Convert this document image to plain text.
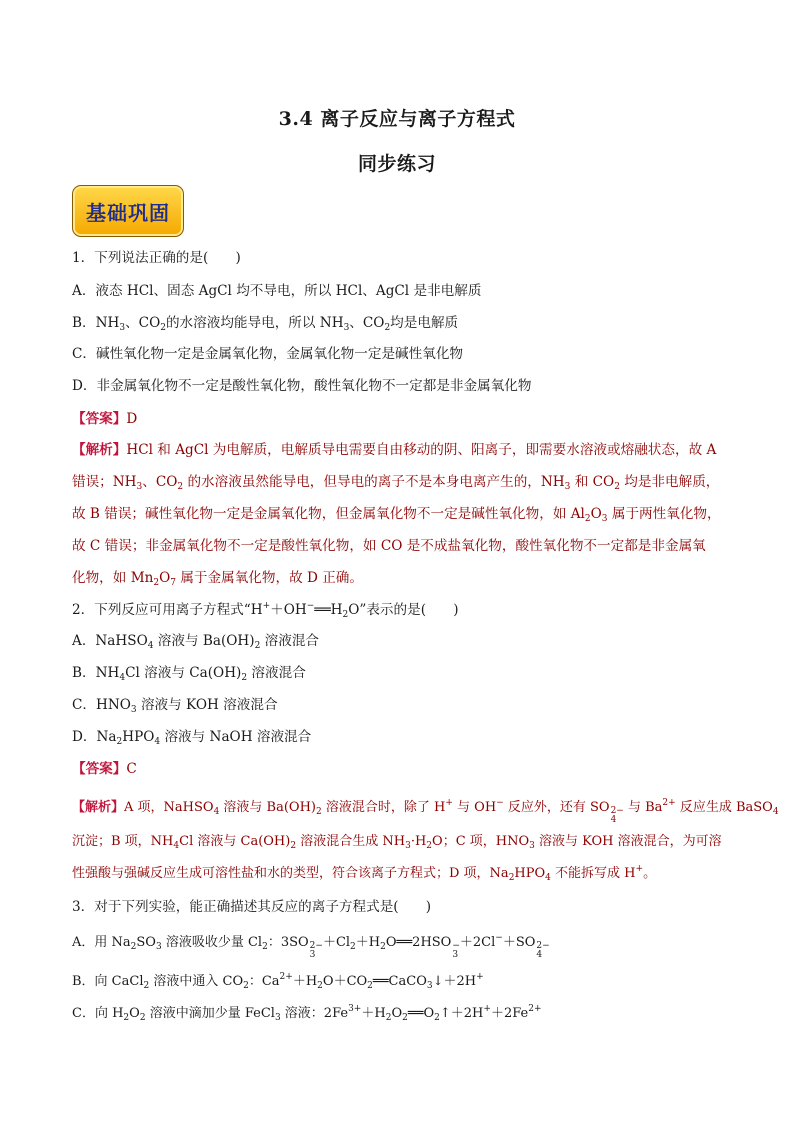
3.4 离子反应与离子方程式
同步练习
基础巩固
1．下列说法正确的是(　　)
A．液态 HCl、固态 AgCl 均不导电，所以 HCl、AgCl 是非电解质
B．$NH_3$、$CO_2$的水溶液均能导电，所以 $NH_3$、$CO_2$均是电解质
C．碱性氧化物一定是金属氧化物，金属氧化物一定是碱性氧化物
D．非金属氧化物不一定是酸性氧化物，酸性氧化物不一定都是非金属氧化物
【答案】D
【解析】HCl 和 AgCl 为电解质，电解质导电需要自由移动的阴、阳离子，即需要水溶液或熔融状态，故 A
错误；$NH_3$、$CO_2$ 的水溶液虽然能导电，但导电的离子不是本身电离产生的，$NH_3$ 和 $CO_2$ 均是非电解质，
故 B 错误；碱性氧化物一定是金属氧化物，但金属氧化物不一定是碱性氧化物，如 $Al_2O_3$ 属于两性氧化物，
故 C 错误；非金属氧化物不一定是酸性氧化物，如 CO 是不成盐氧化物，酸性氧化物不一定都是非金属氧
化物，如 $Mn_2O_7$ 属于金属氧化物，故 D 正确。
2．下列反应可用离子方程式“$H^++OH^-══H_2O$”表示的是(　　)
A．NaHSO$_4$ 溶液与 $Ba(OH)_2$ 溶液混合
B．$NH_4Cl$ 溶液与 $Ca(OH)_2$ 溶液混合
C．$HNO_3$ 溶液与 KOH 溶液混合
D．$Na_2HPO_4$ 溶液与 NaOH 溶液混合
【答案】C
【解析】A 项，NaHSO$_4$ 溶液与 $Ba(OH)_2$ 溶液混合时，除了 H+ 与 OH− 反应外，还有 SO 2−
4
与 $Ba^{2+}$ 反应生成 BaSO$_4$
沉淀；B 项，$NH_4Cl$ 溶液与 $Ca(OH)_2$ 溶液混合生成 $NH_3\cdot H_2O$；C 项，$HNO_3$ 溶液与 KOH 溶液混合，为可溶
性强酸与强碱反应生成可溶性盐和水的类型，符合该离子方程式；D 项，$Na_2HPO_4$ 不能拆写成 H+。
3．对于下列实验，能正确描述其反应的离子方程式是(　　)
A．用 $Na_2SO_3$ 溶液吸收少量 $Cl_2$：3SO 2−
3
$+Cl_2+H_2O══2HSO$ −
3
＋2Cl−＋SO 2−
4
B．向 CaCl$_2$ 溶液中通入 $CO_2$：$Ca^{2+}+H_2O+CO_2══CaCO_3↓+2H^+$
C．向 $H_2O_2$ 溶液中滴加少量 FeCl$_3$ 溶液：$2Fe^{3+}+H_2O_2══O_2↑+2H^++2Fe^{2+}$
